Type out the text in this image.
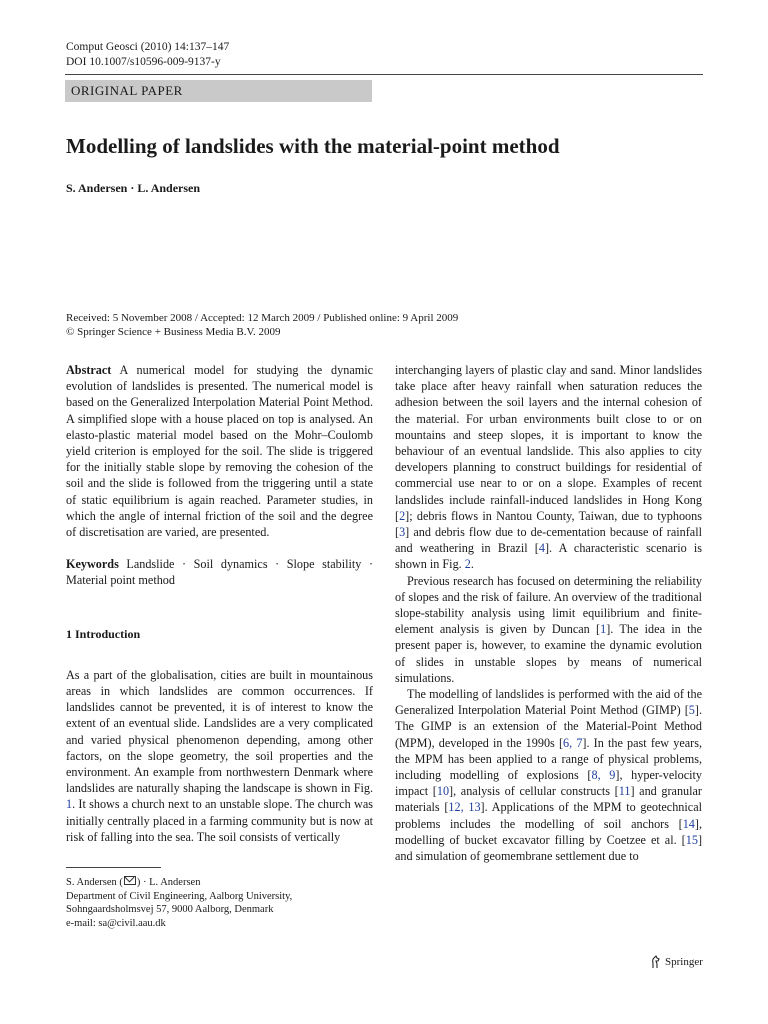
Comput Geosci (2010) 14:137–147
DOI 10.1007/s10596-009-9137-y
ORIGINAL PAPER
Modelling of landslides with the material-point method
S. Andersen · L. Andersen
Received: 5 November 2008 / Accepted: 12 March 2009 / Published online: 9 April 2009
© Springer Science + Business Media B.V. 2009

Abstract A numerical model for studying the dynamic evolution of landslides is presented. The numerical model is based on the Generalized Interpolation Material Point Method. A simplified slope with a house placed on top is analysed. An elasto-plastic material model based on the Mohr–Coulomb yield criterion is employed for the soil. The slide is triggered for the initially stable slope by removing the cohesion of the soil and the slide is followed from the triggering until a state of static equilibrium is again reached. Parameter studies, in which the angle of internal friction of the soil and the degree of discretisation are varied, are presented.

Keywords Landslide · Soil dynamics · Slope stability · Material point method

1 Introduction

As a part of the globalisation, cities are built in mountainous areas in which landslides are common occurrences. If landslides cannot be prevented, it is of interest to know the extent of an eventual slide. Landslides are a very complicated and varied physical phenomenon depending, among other factors, on the slope geometry, the soil properties and the environment. An example from northwestern Denmark where landslides are naturally shaping the landscape is shown in Fig. 1. It shows a church next to an unstable slope. The church was initially centrally placed in a farming community but is now at risk of falling into the sea. The soil consists of vertically

interchanging layers of plastic clay and sand. Minor landslides take place after heavy rainfall when saturation reduces the adhesion between the soil layers and the internal cohesion of the material. For urban environments built close to or on mountains and steep slopes, it is important to know the behaviour of an eventual landslide. This also applies to city developers planning to construct buildings for residential of commercial use near to or on a slope. Examples of recent landslides include rainfall-induced landslides in Hong Kong [2]; debris flows in Nantou County, Taiwan, due to typhoons [3] and debris flow due to de-cementation because of rainfall and weathering in Brazil [4]. A characteristic scenario is shown in Fig. 2.

Previous research has focused on determining the reliability of slopes and the risk of failure. An overview of the traditional slope-stability analysis using limit equilibrium and finite-element analysis is given by Duncan [1]. The idea in the present paper is, however, to examine the dynamic evolution of slides in unstable slopes by means of numerical simulations.

The modelling of landslides is performed with the aid of the Generalized Interpolation Material Point Method (GIMP) [5]. The GIMP is an extension of the Material-Point Method (MPM), developed in the 1990s [6, 7]. In the past few years, the MPM has been applied to a range of physical problems, including modelling of explosions [8, 9], hyper-velocity impact [10], analysis of cellular constructs [11] and granular materials [12, 13]. Applications of the MPM to geotechnical problems includes the modelling of soil anchors [14], modelling of bucket excavator filling by Coetzee et al. [15] and simulation of geomembrane settlement due to

S. Andersen ( ) · L. Andersen
Department of Civil Engineering, Aalborg University,
Sohngaardsholmsvej 57, 9000 Aalborg, Denmark
e-mail: sa@civil.aau.dk
Springer
